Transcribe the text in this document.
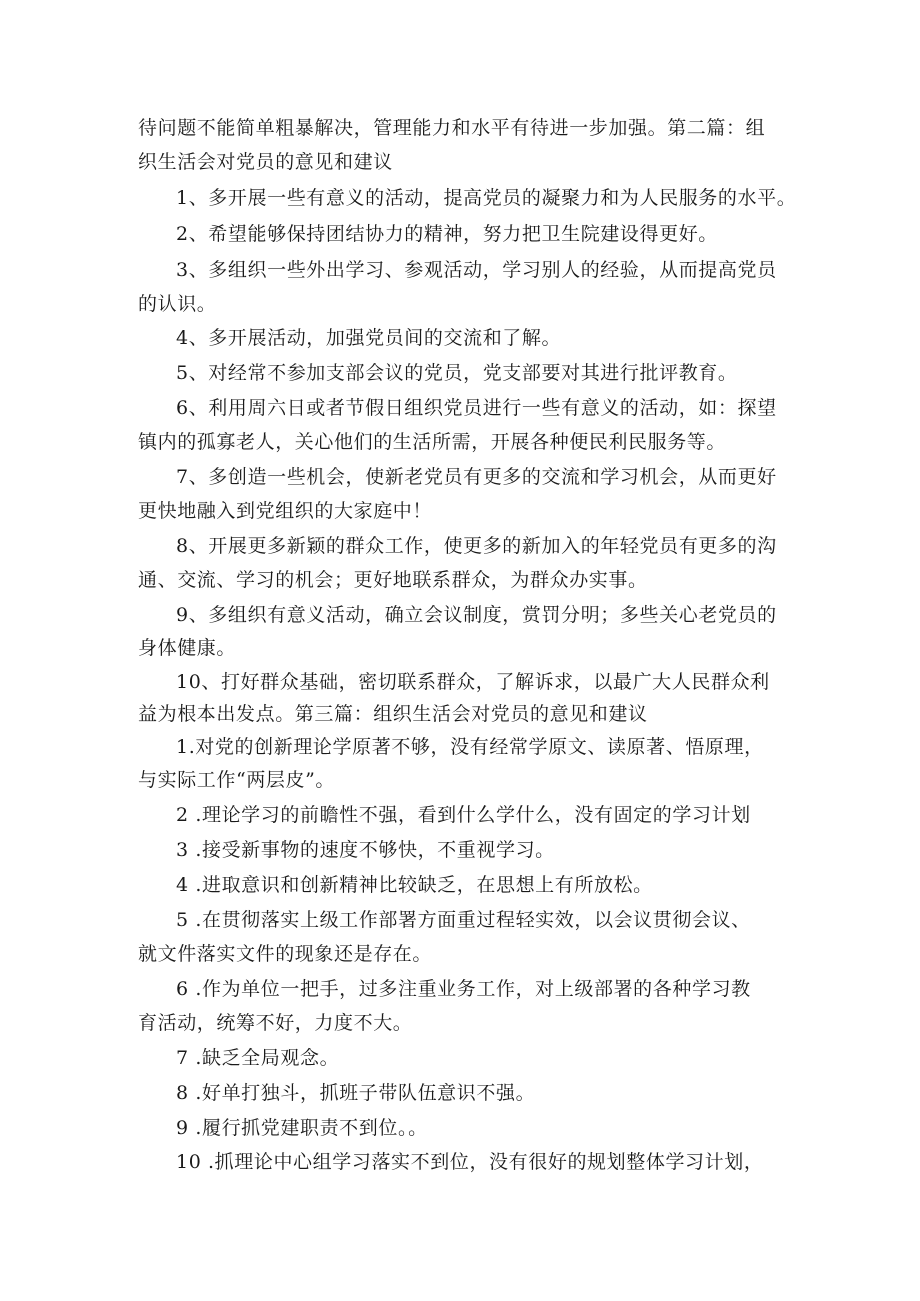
待问题不能简单粗暴解决，管理能力和水平有待进一步加强。第二篇：组
织生活会对党员的意见和建议
1、多开展一些有意义的活动，提高党员的凝聚力和为人民服务的水平。
2、希望能够保持团结协力的精神，努力把卫生院建设得更好。
3、多组织一些外出学习、参观活动，学习别人的经验，从而提高党员
的认识。
4、多开展活动，加强党员间的交流和了解。
5、对经常不参加支部会议的党员，党支部要对其进行批评教育。
6、利用周六日或者节假日组织党员进行一些有意义的活动，如：探望
镇内的孤寡老人，关心他们的生活所需，开展各种便民利民服务等。
7、多创造一些机会，使新老党员有更多的交流和学习机会，从而更好
更快地融入到党组织的大家庭中！
8、开展更多新颖的群众工作，使更多的新加入的年轻党员有更多的沟
通、交流、学习的机会；更好地联系群众，为群众办实事。
9、多组织有意义活动，确立会议制度，赏罚分明；多些关心老党员的
身体健康。
10、打好群众基础，密切联系群众，了解诉求，以最广大人民群众利
益为根本出发点。第三篇：组织生活会对党员的意见和建议
1.对党的创新理论学原著不够，没有经常学原文、读原著、悟原理，
与实际工作“两层皮”。
2 .理论学习的前瞻性不强，看到什么学什么，没有固定的学习计划
3 .接受新事物的速度不够快，不重视学习。
4 .进取意识和创新精神比较缺乏，在思想上有所放松。
5 .在贯彻落实上级工作部署方面重过程轻实效，以会议贯彻会议、
就文件落实文件的现象还是存在。
6 .作为单位一把手，过多注重业务工作，对上级部署的各种学习教
育活动，统筹不好，力度不大。
7 .缺乏全局观念。
8 .好单打独斗，抓班子带队伍意识不强。
9 .履行抓党建职责不到位。。
10 .抓理论中心组学习落实不到位，没有很好的规划整体学习计划，
